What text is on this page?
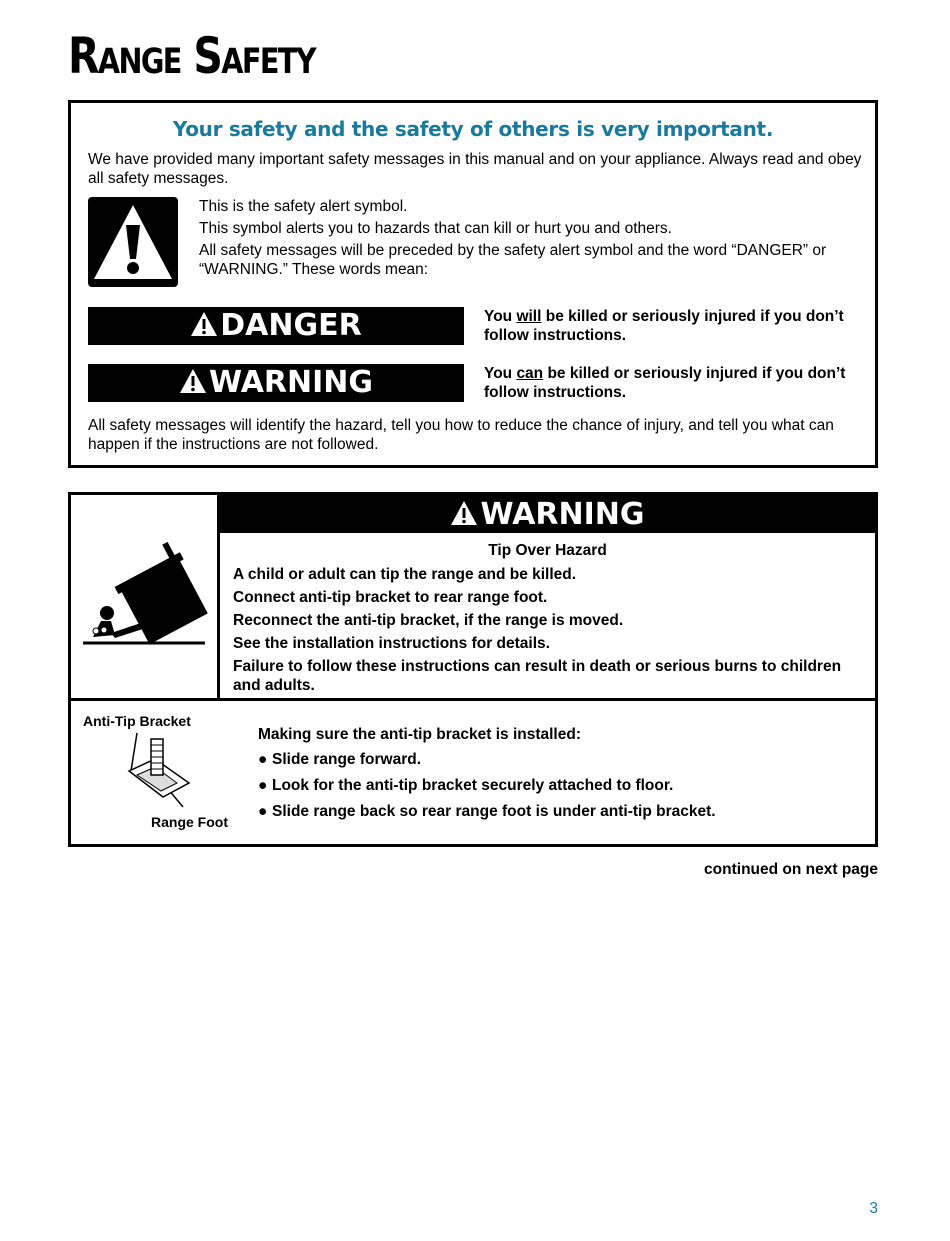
Range Safety
Your safety and the safety of others is very important.
We have provided many important safety messages in this manual and on your appliance. Always read and obey all safety messages.
This is the safety alert symbol.
This symbol alerts you to hazards that can kill or hurt you and others.
All safety messages will be preceded by the safety alert symbol and the word “DANGER” or “WARNING.” These words mean:
DANGER	You will be killed or seriously injured if you don’t follow instructions.
WARNING	You can be killed or seriously injured if you don’t follow instructions.
All safety messages will identify the hazard, tell you how to reduce the chance of injury, and tell you what can happen if the instructions are not followed.
WARNING
Tip Over Hazard
A child or adult can tip the range and be killed.
Connect anti-tip bracket to rear range foot.
Reconnect the anti-tip bracket, if the range is moved.
See the installation instructions for details.
Failure to follow these instructions can result in death or serious burns to children and adults.
Anti-Tip Bracket
Range Foot
Making sure the anti-tip bracket is installed:
● Slide range forward.
● Look for the anti-tip bracket securely attached to floor.
● Slide range back so rear range foot is under anti-tip bracket.
continued on next page
3
